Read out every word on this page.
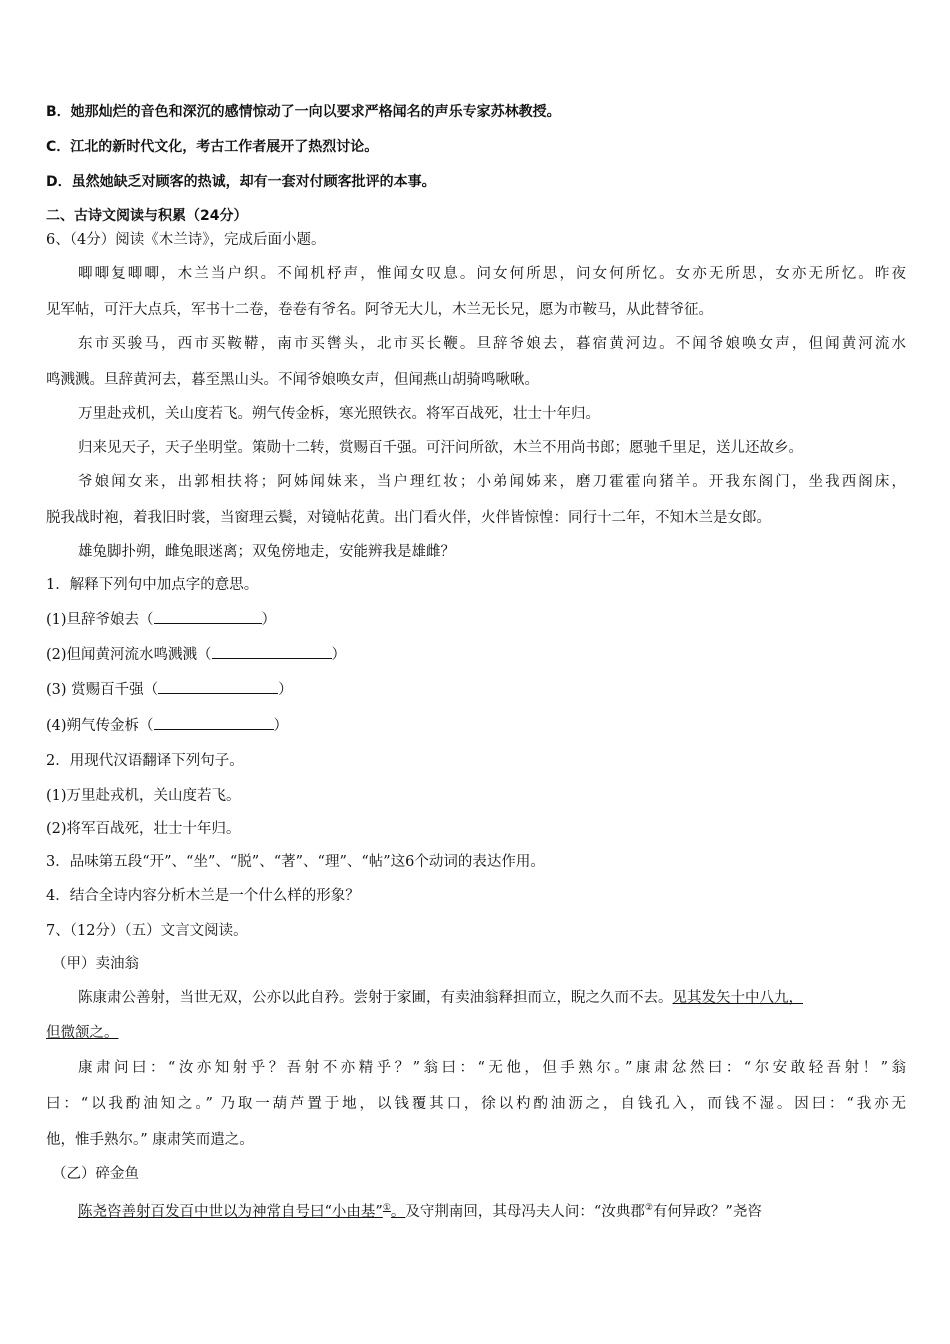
B．她那灿烂的音色和深沉的感情惊动了一向以要求严格闻名的声乐专家苏林教授。
C．江北的新时代文化，考古工作者展开了热烈讨论。
D．虽然她缺乏对顾客的热诚，却有一套对付顾客批评的本事。
二、古诗文阅读与积累（24分）
6、（4分）阅读《木兰诗》，完成后面小题。
唧唧复唧唧，木兰当户织。不闻机杼声，惟闻女叹息。问女何所思，问女何所忆。女亦无所思，女亦无所忆。昨夜
见军帖，可汗大点兵，军书十二卷，卷卷有爷名。阿爷无大儿，木兰无长兄，愿为市鞍马，从此替爷征。
东市买骏马，西市买鞍鞯，南市买辔头，北市买长鞭。旦辞爷娘去，暮宿黄河边。不闻爷娘唤女声，但闻黄河流水
鸣溅溅。旦辞黄河去，暮至黑山头。不闻爷娘唤女声，但闻燕山胡骑鸣啾啾。
万里赴戎机，关山度若飞。朔气传金柝，寒光照铁衣。将军百战死，壮士十年归。
归来见天子，天子坐明堂。策勋十二转，赏赐百千强。可汗问所欲，木兰不用尚书郎；愿驰千里足，送儿还故乡。
爷娘闻女来，出郭相扶将；阿姊闻妹来，当户理红妆；小弟闻姊来，磨刀霍霍向猪羊。开我东阁门，坐我西阁床，
脱我战时袍，着我旧时裳，当窗理云鬓，对镜帖花黄。出门看火伴，火伴皆惊惶：同行十二年，不知木兰是女郎。
雄兔脚扑朔，雌兔眼迷离；双兔傍地走，安能辨我是雄雌？
1．解释下列句中加点字的意思。
(1)旦辞爷娘去（	）
(2)但闻黄河流水鸣溅溅（	）
(3) 赏赐百千强（	）
(4)朔气传金柝（	）
2．用现代汉语翻译下列句子。
(1)万里赴戎机，关山度若飞。
(2)将军百战死，壮士十年归。
3．品味第五段“开”、“坐”、“脱”、“著”、“理”、“帖”这6个动词的表达作用。
4．结合全诗内容分析木兰是一个什么样的形象？
7、（12分）（五）文言文阅读。
（甲）卖油翁
陈康肃公善射，当世无双，公亦以此自矜。尝射于家圃，有卖油翁释担而立，睨之久而不去。见其发矢十中八九，
但微颔之。
康肃问曰：“汝亦知射乎？吾射不亦精乎？”翁曰：“无他，但手熟尔。”康肃忿然曰：“尔安敢轻吾射！”翁
曰：“以我酌油知之。” 乃取一葫芦置于地，以钱覆其口，徐以杓酌油沥之，自钱孔入，而钱不湿。因曰：“我亦无
他，惟手熟尔。” 康肃笑而遣之。
（乙）碎金鱼
陈尧咨善射百发百中世以为神常自号曰“小由基”①。及守荆南回，其母冯夫人问：“汝典郡②有何异政？”尧咨
